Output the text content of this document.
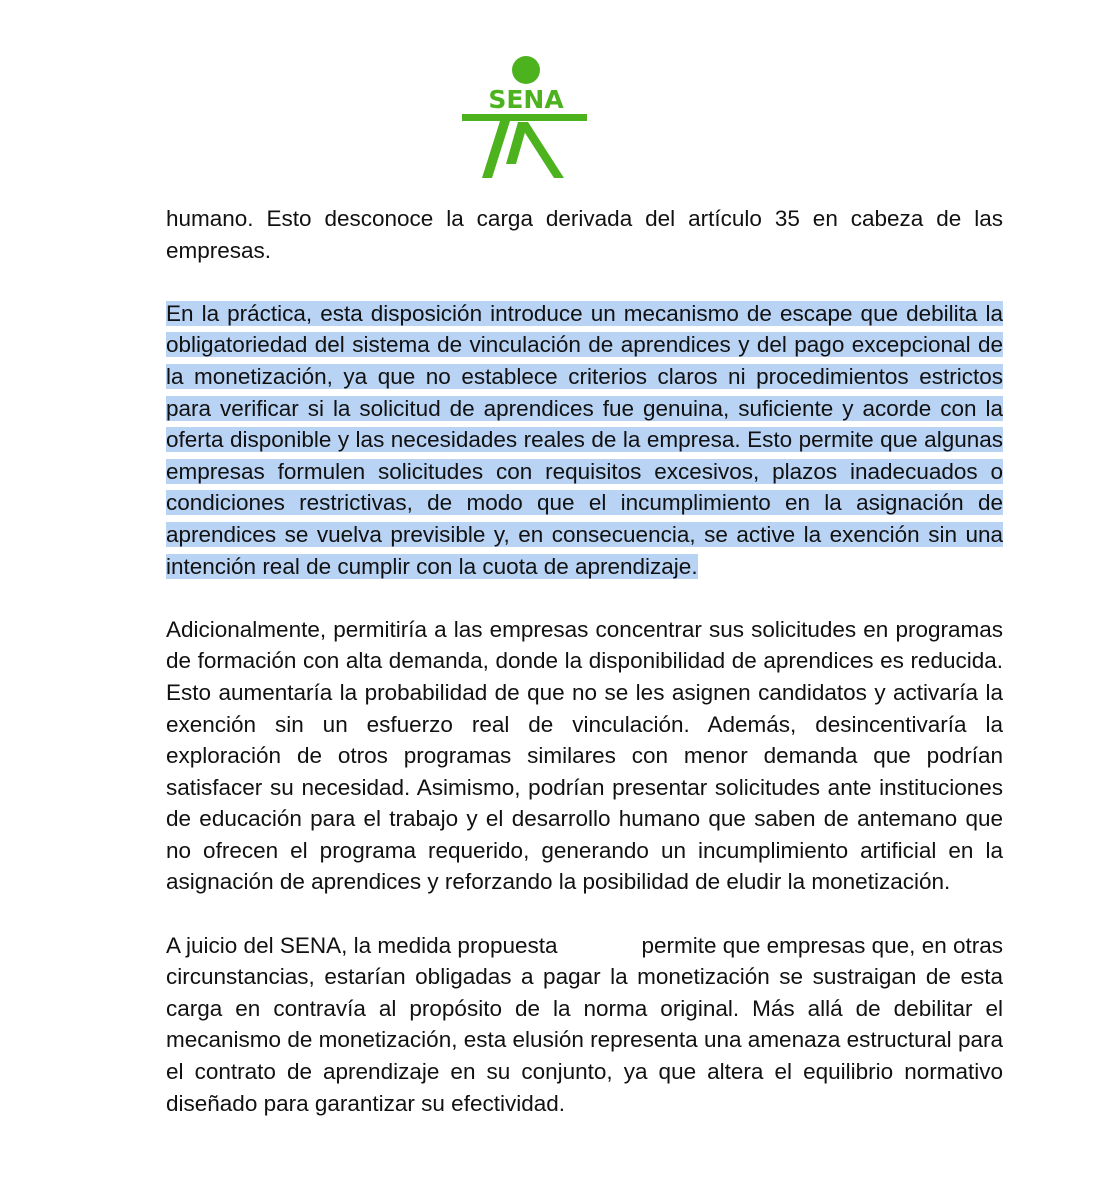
SENA

humano. Esto desconoce la carga derivada del artículo 35 en cabeza de las empresas.

En la práctica, esta disposición introduce un mecanismo de escape que debilita la obligatoriedad del sistema de vinculación de aprendices y del pago excepcional de la monetización, ya que no establece criterios claros ni procedimientos estrictos para verificar si la solicitud de aprendices fue genuina, suficiente y acorde con la oferta disponible y las necesidades reales de la empresa. Esto permite que algunas empresas formulen solicitudes con requisitos excesivos, plazos inadecuados o condiciones restrictivas, de modo que el incumplimiento en la asignación de aprendices se vuelva previsible y, en consecuencia, se active la exención sin una intención real de cumplir con la cuota de aprendizaje.

Adicionalmente, permitiría a las empresas concentrar sus solicitudes en programas de formación con alta demanda, donde la disponibilidad de aprendices es reducida. Esto aumentaría la probabilidad de que no se les asignen candidatos y activaría la exención sin un esfuerzo real de vinculación. Además, desincentivaría la exploración de otros programas similares con menor demanda que podrían satisfacer su necesidad. Asimismo, podrían presentar solicitudes ante instituciones de educación para el trabajo y el desarrollo humano que saben de antemano que no ofrecen el programa requerido, generando un incumplimiento artificial en la asignación de aprendices y reforzando la posibilidad de eludir la monetización.

A juicio del SENA, la medida propuesta	permite que empresas que, en otras circunstancias, estarían obligadas a pagar la monetización se sustraigan de esta carga en contravía al propósito de la norma original. Más allá de debilitar el mecanismo de monetización, esta elusión representa una amenaza estructural para el contrato de aprendizaje en su conjunto, ya que altera el equilibrio normativo diseñado para garantizar su efectividad.
